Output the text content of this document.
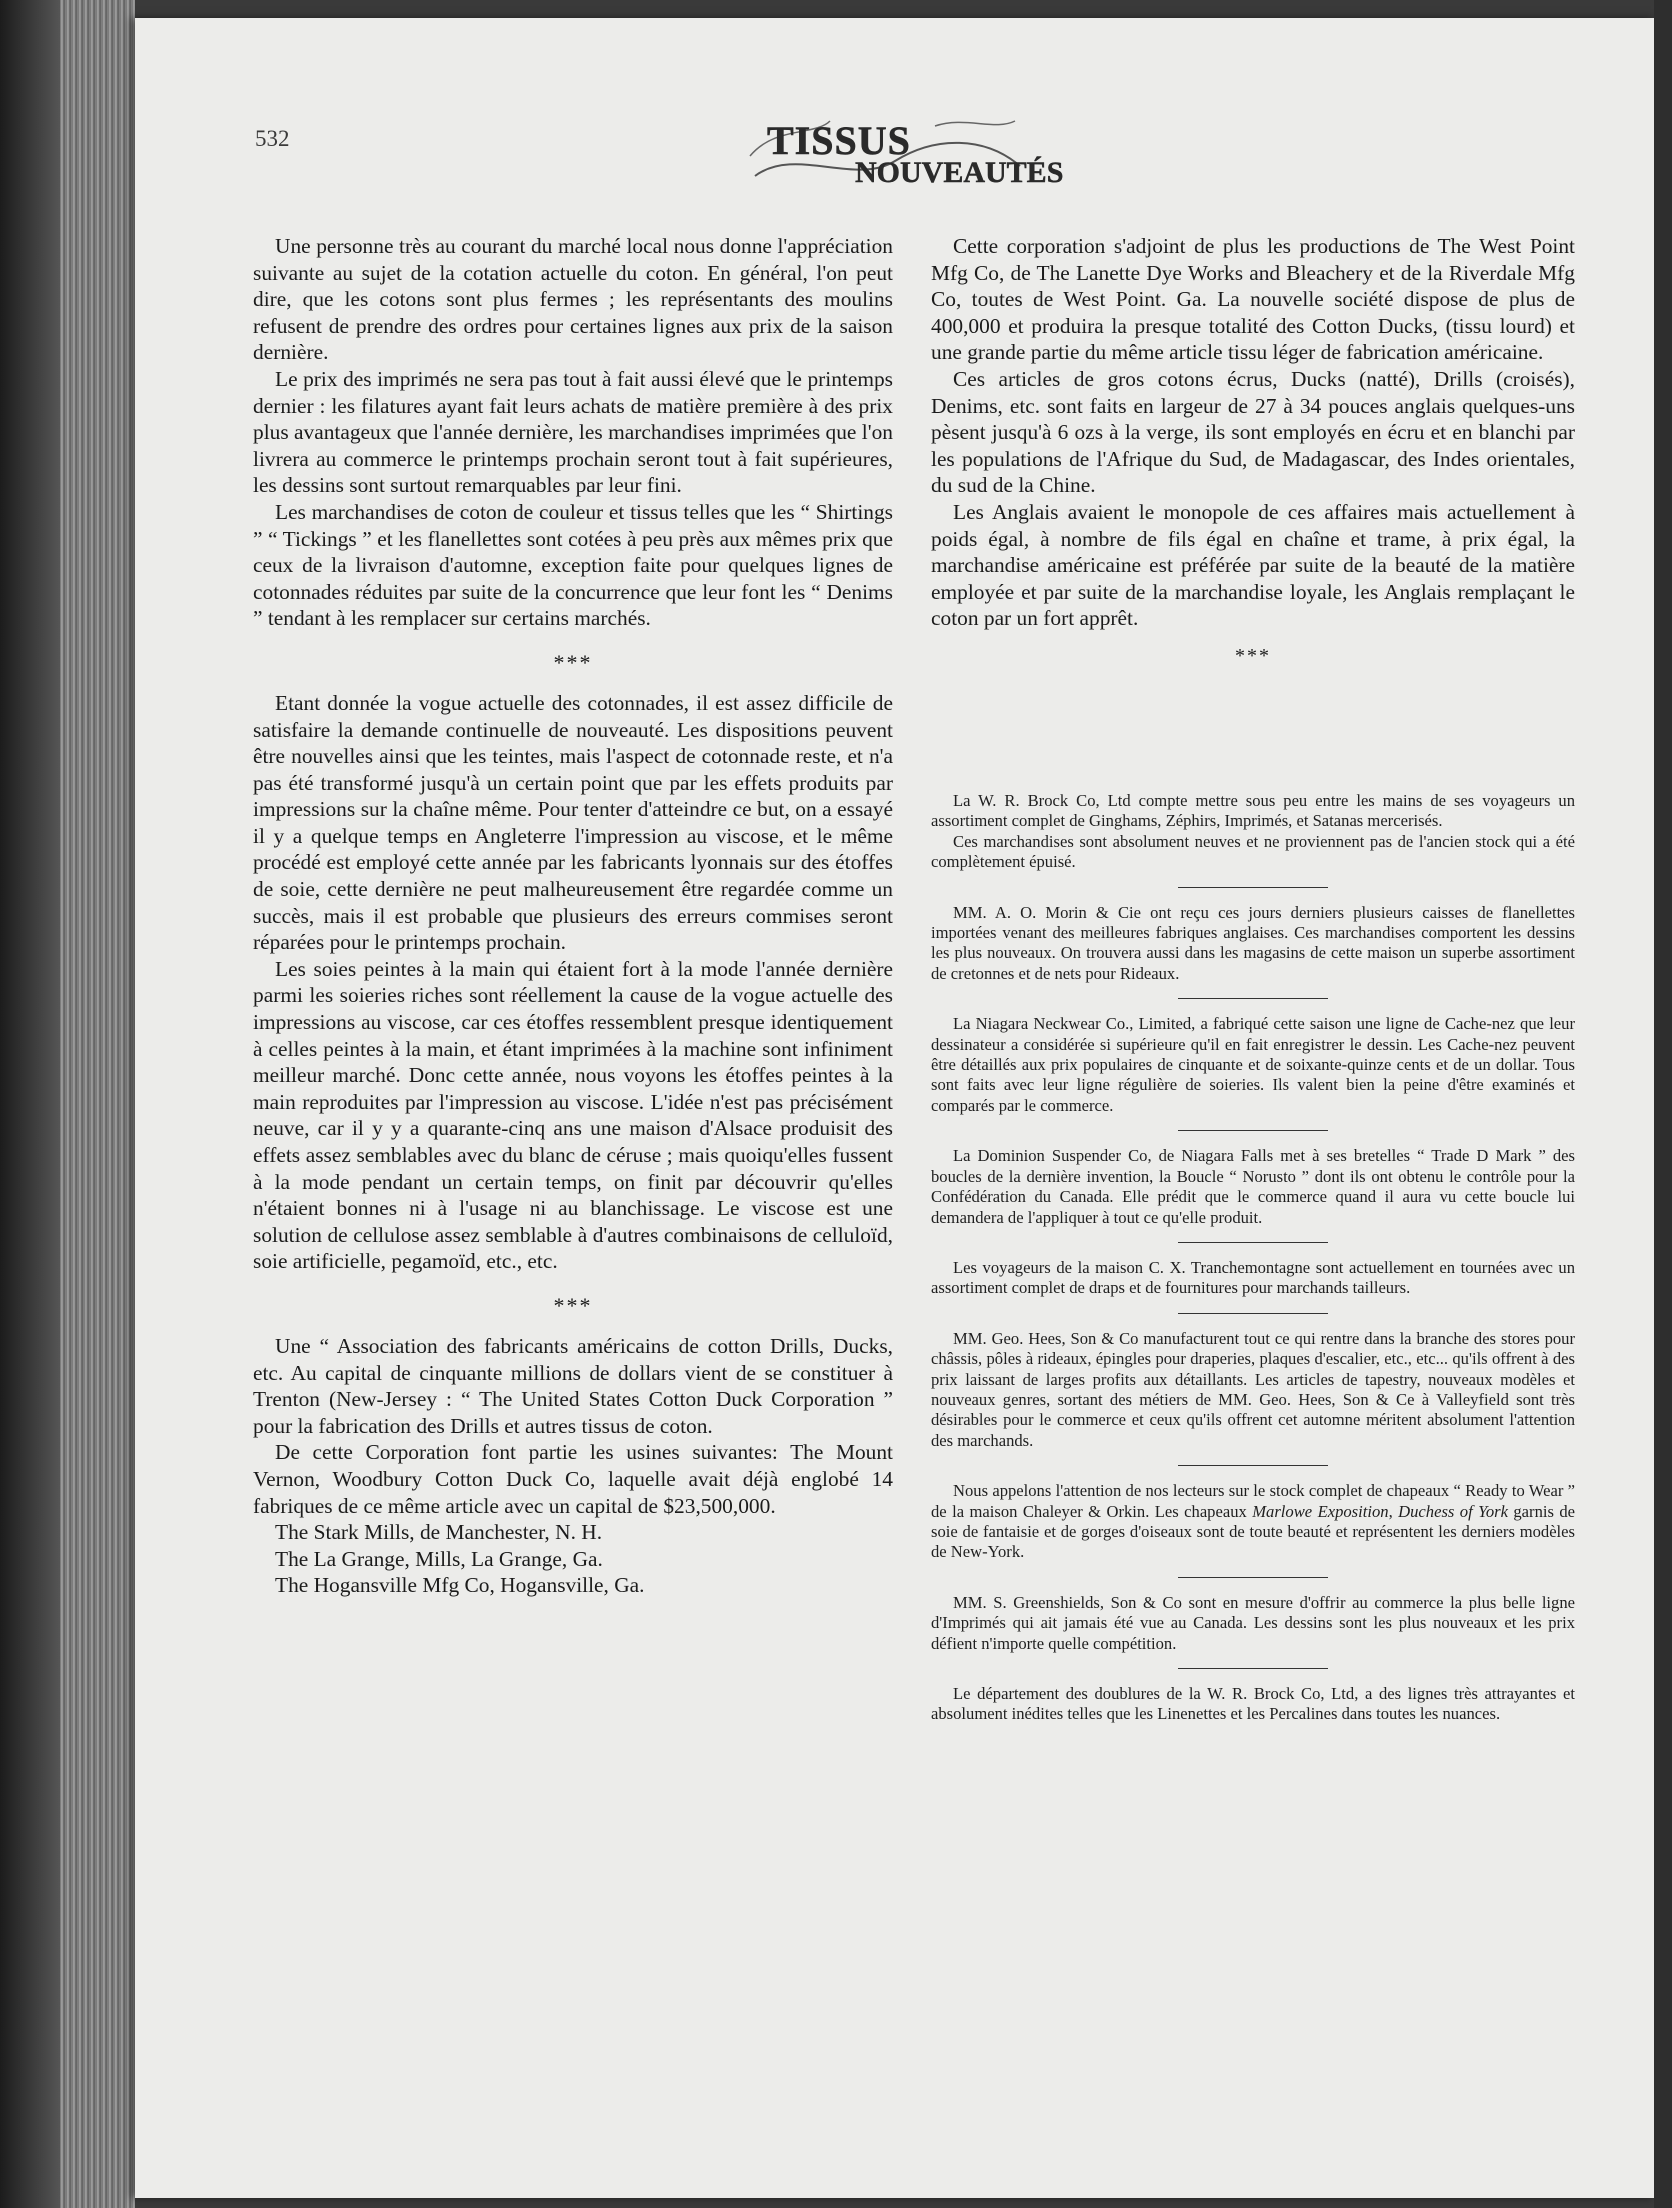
532	TISSUS
NOUVEAUTÉS

Une personne très au courant du marché local nous donne l'appréciation suivante au sujet de la cotation actuelle du coton. En général, l'on peut dire, que les cotons sont plus fermes ; les représentants des moulins refusent de prendre des ordres pour certaines lignes aux prix de la saison dernière.

Le prix des imprimés ne sera pas tout à fait aussi élevé que le printemps dernier : les filatures ayant fait leurs achats de matière première à des prix plus avantageux que l'année dernière, les marchandises imprimées que l'on livrera au commerce le printemps prochain seront tout à fait supérieures, les dessins sont surtout remarquables par leur fini.

Les marchandises de coton de couleur et tissus telles que les “ Shirtings ” “ Tickings ” et les flanellettes sont cotées à peu près aux mêmes prix que ceux de la livraison d'automne, exception faite pour quelques lignes de cotonnades réduites par suite de la concurrence que leur font les “ Denims ” tendant à les remplacer sur certains marchés.

***

Etant donnée la vogue actuelle des cotonnades, il est assez difficile de satisfaire la demande continuelle de nouveauté. Les dispositions peuvent être nouvelles ainsi que les teintes, mais l'aspect de cotonnade reste, et n'a pas été transformé jusqu'à un certain point que par les effets produits par impressions sur la chaîne même. Pour tenter d'atteindre ce but, on a essayé il y a quelque temps en Angleterre l'impression au viscose, et le même procédé est employé cette année par les fabricants lyonnais sur des étoffes de soie, cette dernière ne peut malheureusement être regardée comme un succès, mais il est probable que plusieurs des erreurs commises seront réparées pour le printemps prochain.

Les soies peintes à la main qui étaient fort à la mode l'année dernière parmi les soieries riches sont réellement la cause de la vogue actuelle des impressions au viscose, car ces étoffes ressemblent presque identiquement à celles peintes à la main, et étant imprimées à la machine sont infiniment meilleur marché. Donc cette année, nous voyons les étoffes peintes à la main reproduites par l'impression au viscose. L'idée n'est pas précisément neuve, car il y y a quarante-cinq ans une maison d'Alsace produisit des effets assez semblables avec du blanc de céruse ; mais quoiqu'elles fussent à la mode pendant un certain temps, on finit par découvrir qu'elles n'étaient bonnes ni à l'usage ni au blanchissage. Le viscose est une solution de cellulose assez semblable à d'autres combinaisons de celluloïd, soie artificielle, pegamoïd, etc., etc.

***

Une “ Association des fabricants américains de cotton Drills, Ducks, etc. Au capital de cinquante millions de dollars vient de se constituer à Trenton (New-Jersey : “ The United States Cotton Duck Corporation ” pour la fabrication des Drills et autres tissus de coton.

De cette Corporation font partie les usines suivantes: The Mount Vernon, Woodbury Cotton Duck Co, laquelle avait déjà englobé 14 fabriques de ce même article avec un capital de $23,500,000.

The Stark Mills, de Manchester, N. H.

The La Grange, Mills, La Grange, Ga.

The Hogansville Mfg Co, Hogansville, Ga.

Cette corporation s'adjoint de plus les productions de The West Point Mfg Co, de The Lanette Dye Works and Bleachery et de la Riverdale Mfg Co, toutes de West Point. Ga. La nouvelle société dispose de plus de 400,000 et produira la presque totalité des Cotton Ducks, (tissu lourd) et une grande partie du même article tissu léger de fabrication américaine.

Ces articles de gros cotons écrus, Ducks (natté), Drills (croisés), Denims, etc. sont faits en largeur de 27 à 34 pouces anglais quelques-uns pèsent jusqu'à 6 ozs à la verge, ils sont employés en écru et en blanchi par les populations de l'Afrique du Sud, de Madagascar, des Indes orientales, du sud de la Chine.

Les Anglais avaient le monopole de ces affaires mais actuellement à poids égal, à nombre de fils égal en chaîne et trame, à prix égal, la marchandise américaine est préférée par suite de la beauté de la matière employée et par suite de la marchandise loyale, les Anglais remplaçant le coton par un fort apprêt.

***

La W. R. Brock Co, Ltd compte mettre sous peu entre les mains de ses voyageurs un assortiment complet de Ginghams, Zéphirs, Imprimés, et Satanas mercerisés.

Ces marchandises sont absolument neuves et ne proviennent pas de l'ancien stock qui a été complètement épuisé.

MM. A. O. Morin & Cie ont reçu ces jours derniers plusieurs caisses de flanellettes importées venant des meilleures fabriques anglaises. Ces marchandises comportent les dessins les plus nouveaux. On trouvera aussi dans les magasins de cette maison un superbe assortiment de cretonnes et de nets pour Rideaux.

La Niagara Neckwear Co., Limited, a fabriqué cette saison une ligne de Cache-nez que leur dessinateur a considérée si supérieure qu'il en fait enregistrer le dessin. Les Cache-nez peuvent être détaillés aux prix populaires de cinquante et de soixante-quinze cents et de un dollar. Tous sont faits avec leur ligne régulière de soieries. Ils valent bien la peine d'être examinés et comparés par le commerce.

La Dominion Suspender Co, de Niagara Falls met à ses bretelles “ Trade D Mark ” des boucles de la dernière invention, la Boucle “ Norusto ” dont ils ont obtenu le contrôle pour la Confédération du Canada. Elle prédit que le commerce quand il aura vu cette boucle lui demandera de l'appliquer à tout ce qu'elle produit.

Les voyageurs de la maison C. X. Tranchemontagne sont actuellement en tournées avec un assortiment complet de draps et de fournitures pour marchands tailleurs.

MM. Geo. Hees, Son & Co manufacturent tout ce qui rentre dans la branche des stores pour châssis, pôles à rideaux, épingles pour draperies, plaques d'escalier, etc., etc... qu'ils offrent à des prix laissant de larges profits aux détaillants. Les articles de tapestry, nouveaux modèles et nouveaux genres, sortant des métiers de MM. Geo. Hees, Son & Ce à Valleyfield sont très désirables pour le commerce et ceux qu'ils offrent cet automne méritent absolument l'attention des marchands.

Nous appelons l'attention de nos lecteurs sur le stock complet de chapeaux “ Ready to Wear ” de la maison Chaleyer & Orkin. Les chapeaux Marlowe Exposition, Duchess of York garnis de soie de fantaisie et de gorges d'oiseaux sont de toute beauté et représentent les derniers modèles de New-York.

MM. S. Greenshields, Son & Co sont en mesure d'offrir au commerce la plus belle ligne d'Imprimés qui ait jamais été vue au Canada. Les dessins sont les plus nouveaux et les prix défient n'importe quelle compétition.

Le département des doublures de la W. R. Brock Co, Ltd, a des lignes très attrayantes et absolument inédites telles que les Linenettes et les Percalines dans toutes les nuances.
